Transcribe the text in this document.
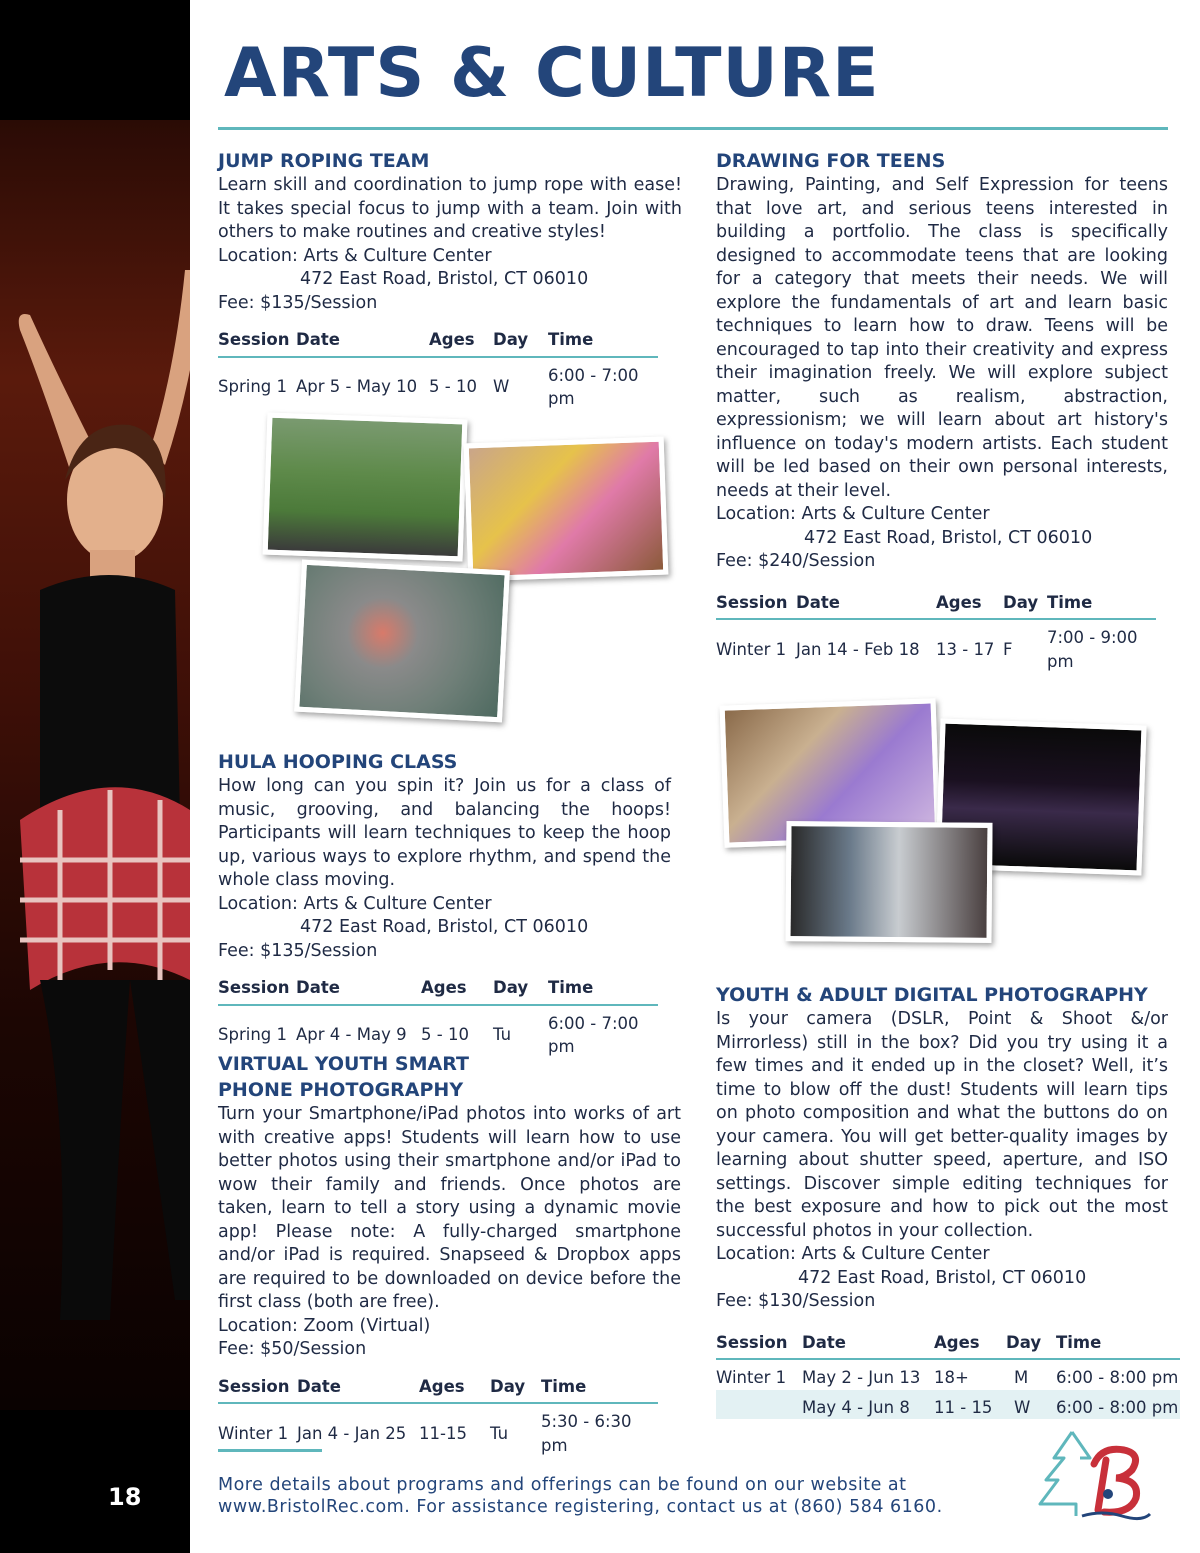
18
ARTS & CULTURE
JUMP ROPING TEAM

Learn skill and coordination to jump rope with ease! It takes special focus to jump with a team. Join with others to make routines and creative styles!

Location: Arts & Culture Center

472 East Road, Bristol, CT 06010

Fee: $135/Session

Session	Date	Ages	Day	Time
Spring 1	Apr 5 - May 10	5 - 10	W	6:00 - 7:00 pm
HULA HOOPING CLASS

How long can you spin it? Join us for a class of music, grooving, and balancing the hoops! Participants will learn techniques to keep the hoop up, various ways to explore rhythm, and spend the whole class moving.

Location: Arts & Culture Center

472 East Road, Bristol, CT 06010

Fee: $135/Session

Session	Date	Ages	Day	Time
Spring 1	Apr 4 - May 9	5 - 10	Tu	6:00 - 7:00 pm
VIRTUAL YOUTH SMART PHONE PHOTOGRAPHY

Turn your Smartphone/iPad photos into works of art with creative apps! Students will learn how to use better photos using their smartphone and/or iPad to wow their family and friends. Once photos are taken, learn to tell a story using a dynamic movie app! Please note: A fully-charged smartphone and/or iPad is required. Snapseed & Dropbox apps are required to be downloaded on device before the first class (both are free).

Location: Zoom (Virtual)

Fee: $50/Session

Session	Date	Ages	Day	Time
Winter 1	Jan 4 - Jan 25	11-15	Tu	5:30 - 6:30 pm
DRAWING FOR TEENS

Drawing, Painting, and Self Expression for teens that love art, and serious teens interested in building a portfolio. The class is specifically designed to accommodate teens that are looking for a category that meets their needs. We will explore the fundamentals of art and learn basic techniques to learn how to draw. Teens will be encouraged to tap into their creativity and express their imagination freely. We will explore subject matter, such as realism, abstraction, expressionism; we will learn about art history's influence on today's modern artists. Each student will be led based on their own personal interests, needs at their level.

Location: Arts & Culture Center

472 East Road, Bristol, CT 06010

Fee: $240/Session

Session	Date	Ages	Day	Time
Winter 1	Jan 14 - Feb 18	13 - 17	F	7:00 - 9:00 pm
YOUTH & ADULT DIGITAL PHOTOGRAPHY

Is your camera (DSLR, Point & Shoot &/or Mirrorless) still in the box? Did you try using it a few times and it ended up in the closet? Well, it’s time to blow off the dust! Students will learn tips on photo composition and what the buttons do on your camera. You will get better-quality images by learning about shutter speed, aperture, and ISO settings. Discover simple editing techniques for the best exposure and how to pick out the most successful photos in your collection.

Location: Arts & Culture Center

472 East Road, Bristol, CT 06010

Fee: $130/Session

Session	Date	Ages	Day	Time
Winter 1	May 2 - Jun 13	18+	M	6:00 - 8:00 pm
	May 4 - Jun 8	11 - 15	W	6:00 - 8:00 pm
More details about programs and offerings can be found on our website at
www.BristolRec.com. For assistance registering, contact us at (860) 584 6160.
